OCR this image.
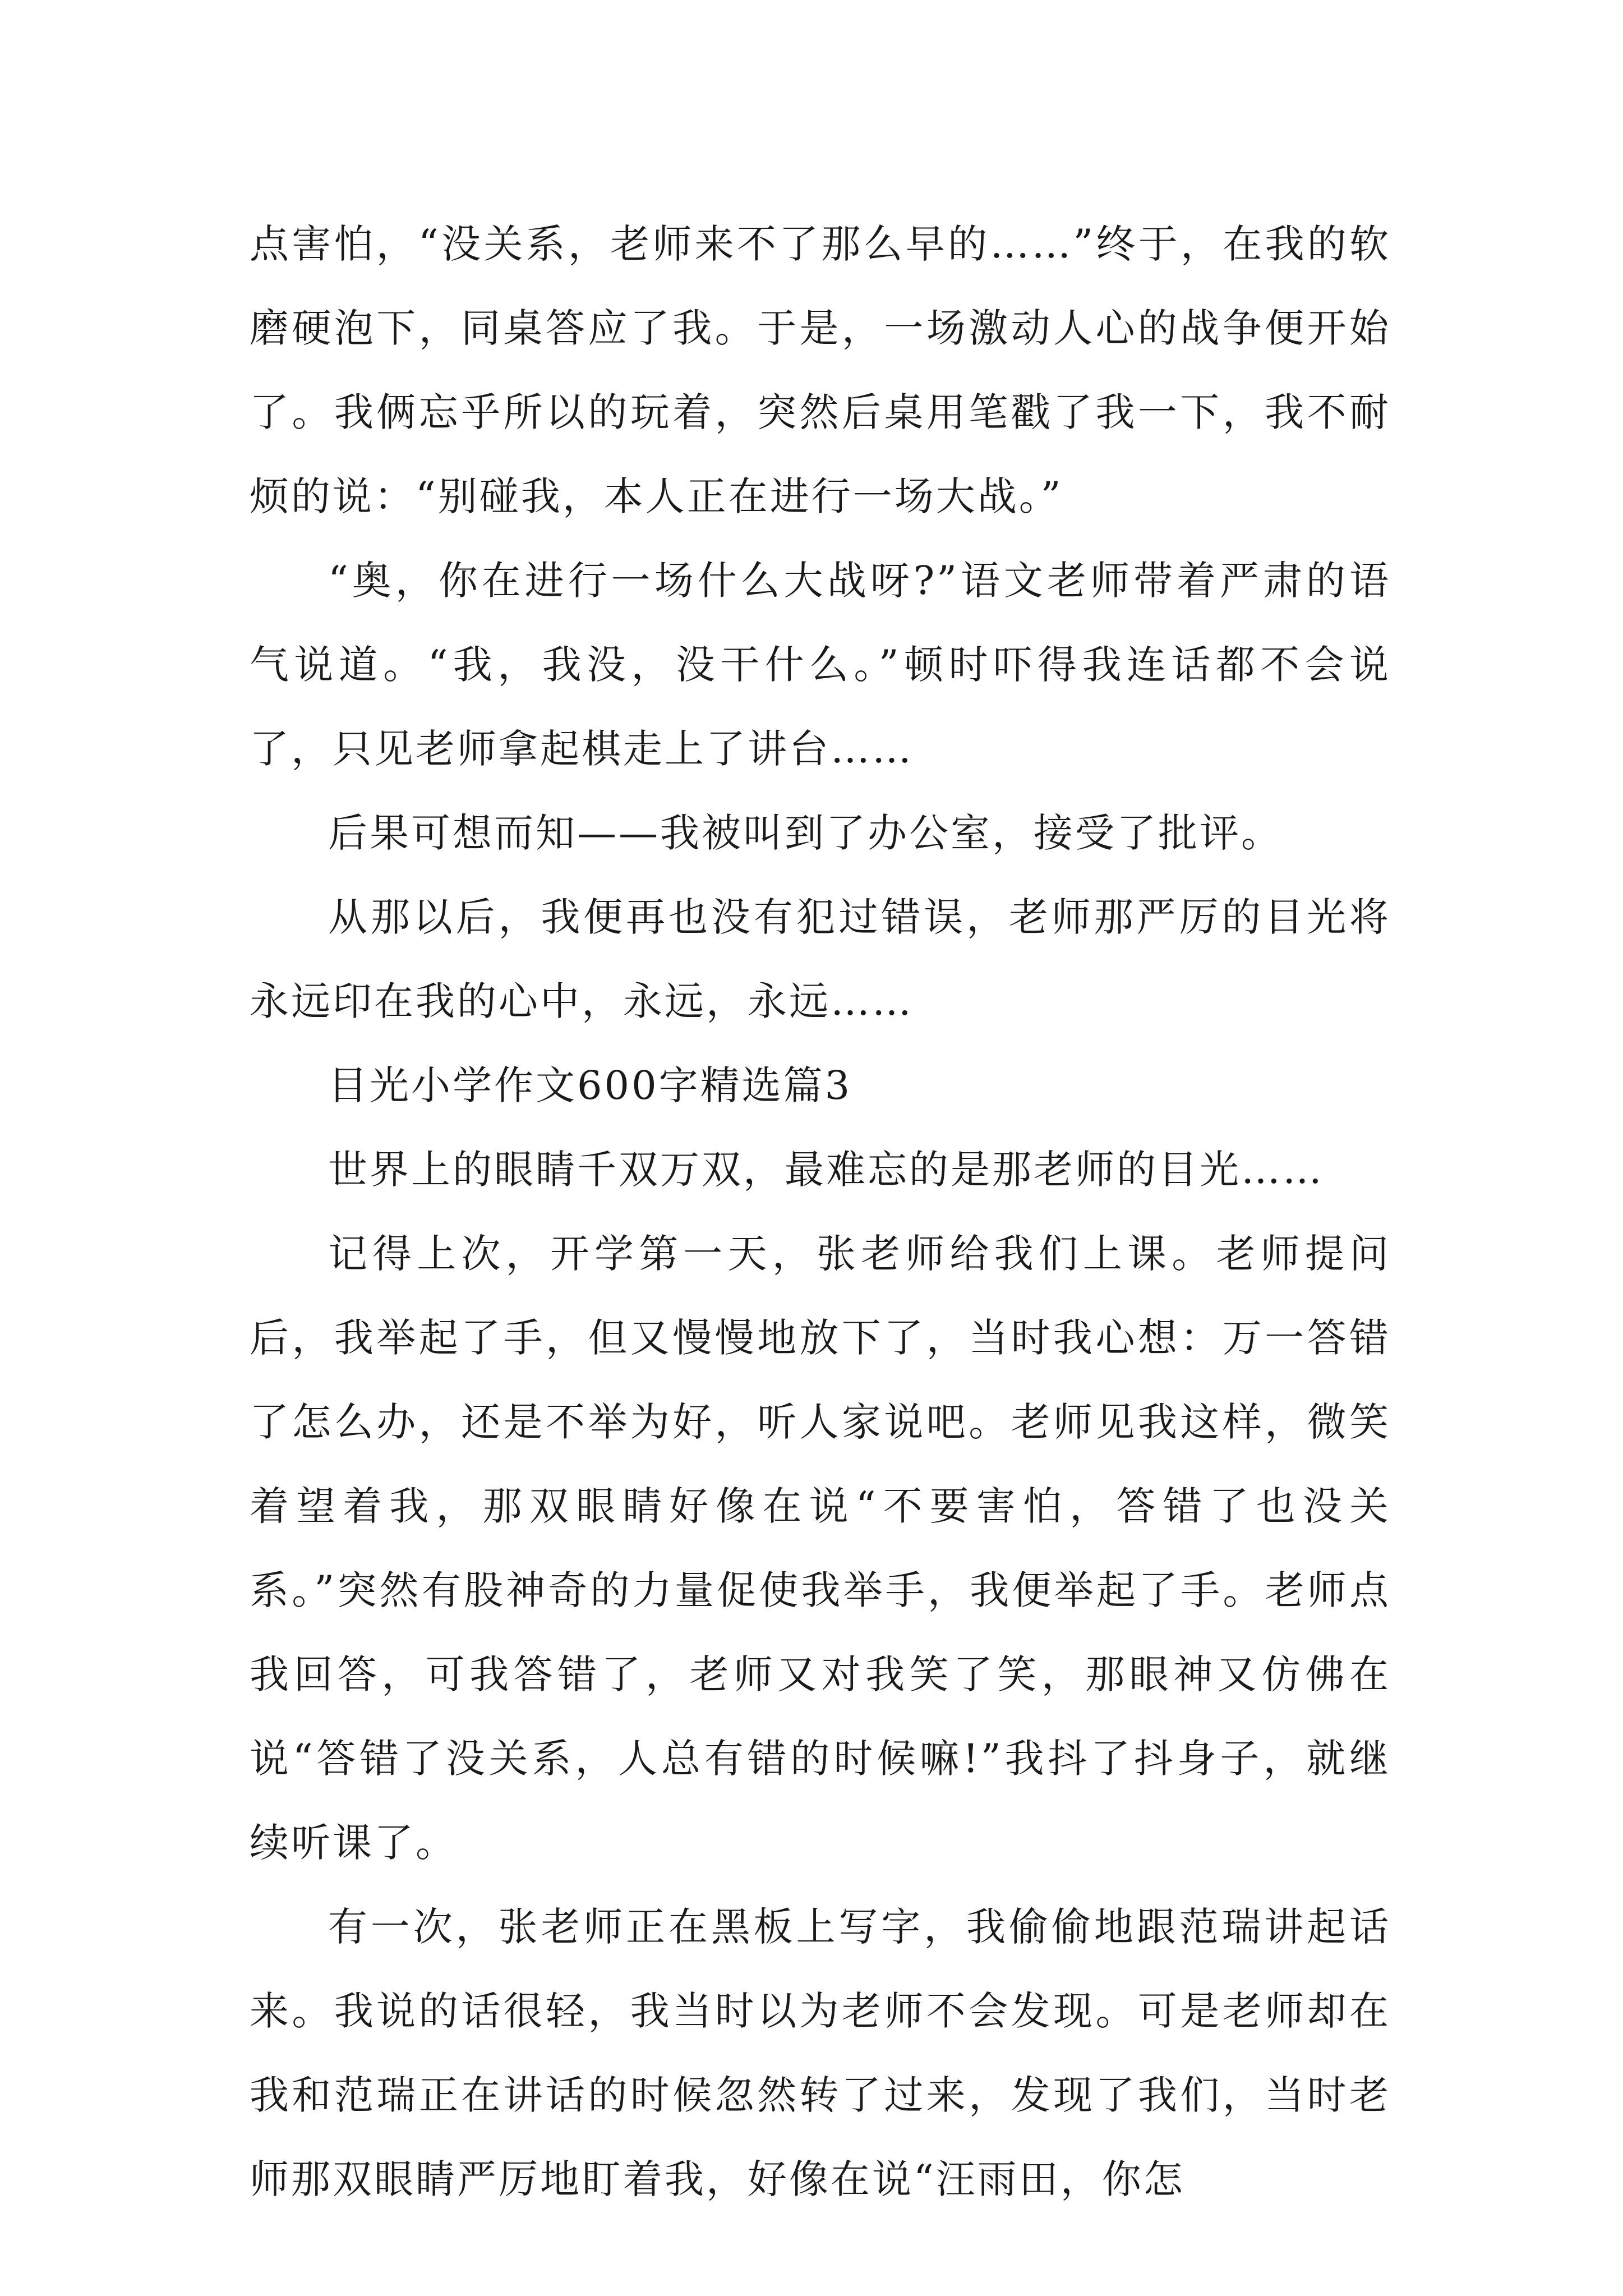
点害怕，“没关系，老师来不了那么早的……”终于，在我的软磨硬泡下，同桌答应了我。于是，一场激动人心的战争便开始了。我俩忘乎所以的玩着，突然后桌用笔戳了我一下，我不耐烦的说：“别碰我，本人正在进行一场大战。”

“奥，你在进行一场什么大战呀?”语文老师带着严肃的语气说道。“我，我没，没干什么。”顿时吓得我连话都不会说了，只见老师拿起棋走上了讲台……

后果可想而知——我被叫到了办公室，接受了批评。

从那以后，我便再也没有犯过错误，老师那严厉的目光将永远印在我的心中，永远，永远……

目光小学作文600字精选篇3

世界上的眼睛千双万双，最难忘的是那老师的目光……

记得上次，开学第一天，张老师给我们上课。老师提问后，我举起了手，但又慢慢地放下了，当时我心想：万一答错了怎么办，还是不举为好，听人家说吧。老师见我这样，微笑着望着我，那双眼睛好像在说“不要害怕，答错了也没关系。”突然有股神奇的力量促使我举手，我便举起了手。老师点我回答，可我答错了，老师又对我笑了笑，那眼神又仿佛在说“答错了没关系，人总有错的时候嘛!”我抖了抖身子，就继续听课了。

有一次，张老师正在黑板上写字，我偷偷地跟范瑞讲起话来。我说的话很轻，我当时以为老师不会发现。可是老师却在我和范瑞正在讲话的时候忽然转了过来，发现了我们，当时老师那双眼睛严厉地盯着我，好像在说“汪雨田，你怎
